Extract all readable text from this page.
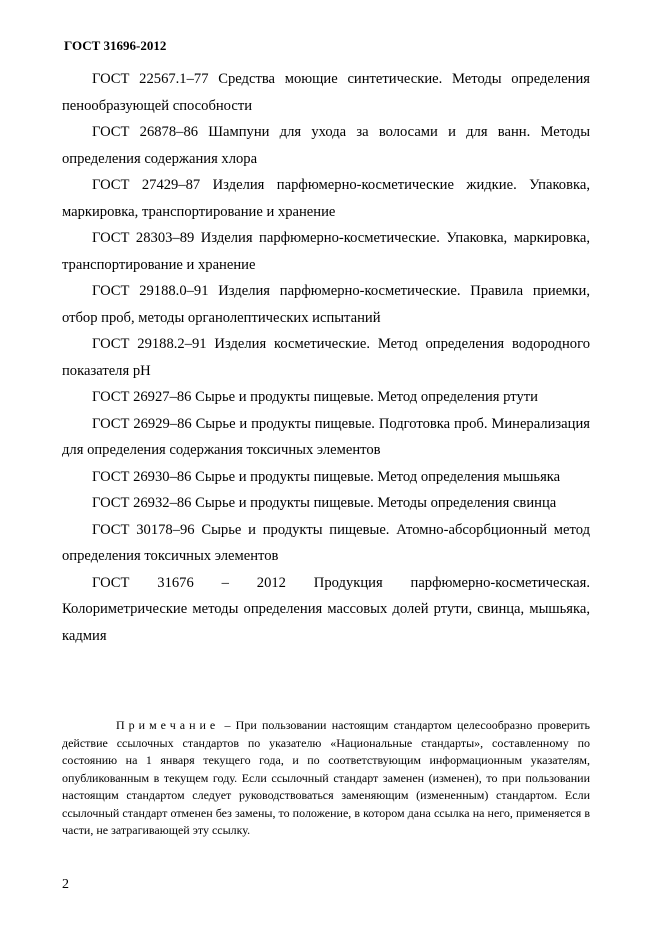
ГОСТ 31696-2012

ГОСТ 22567.1–77 Средства моющие синтетические. Методы определения пенообразующей способности

ГОСТ 26878–86 Шампуни для ухода за волосами и для ванн. Методы определения содержания хлора

ГОСТ 27429–87 Изделия парфюмерно-косметические жидкие. Упаковка, маркировка, транспортирование и хранение

ГОСТ 28303–89 Изделия парфюмерно-косметические. Упаковка, маркировка, транспортирование и хранение

ГОСТ 29188.0–91 Изделия парфюмерно-косметические. Правила приемки, отбор проб, методы органолептических испытаний

ГОСТ 29188.2–91 Изделия косметические. Метод определения водородного показателя pH

ГОСТ 26927–86 Сырье и продукты пищевые. Метод определения ртути

ГОСТ 26929–86 Сырье и продукты пищевые. Подготовка проб. Минерализация для определения содержания токсичных элементов

ГОСТ 26930–86 Сырье и продукты пищевые. Метод определения мышьяка

ГОСТ 26932–86 Сырье и продукты пищевые. Методы определения свинца

ГОСТ 30178–96 Сырье и продукты пищевые. Атомно-абсорбционный метод определения токсичных элементов

ГОСТ 31676 – 2012 Продукция парфюмерно-косметическая. Колориметрические методы определения массовых долей ртути, свинца, мышьяка, кадмия

Примечание – При пользовании настоящим стандартом целесообразно проверить действие ссылочных стандартов по указателю «Национальные стандарты», составленному по состоянию на 1 января текущего года, и по соответствующим информационным указателям, опубликованным в текущем году. Если ссылочный стандарт заменен (изменен), то при пользовании настоящим стандартом следует руководствоваться заменяющим (измененным) стандартом. Если ссылочный стандарт отменен без замены, то положение, в котором дана ссылка на него, применяется в части, не затрагивающей эту ссылку.
2
